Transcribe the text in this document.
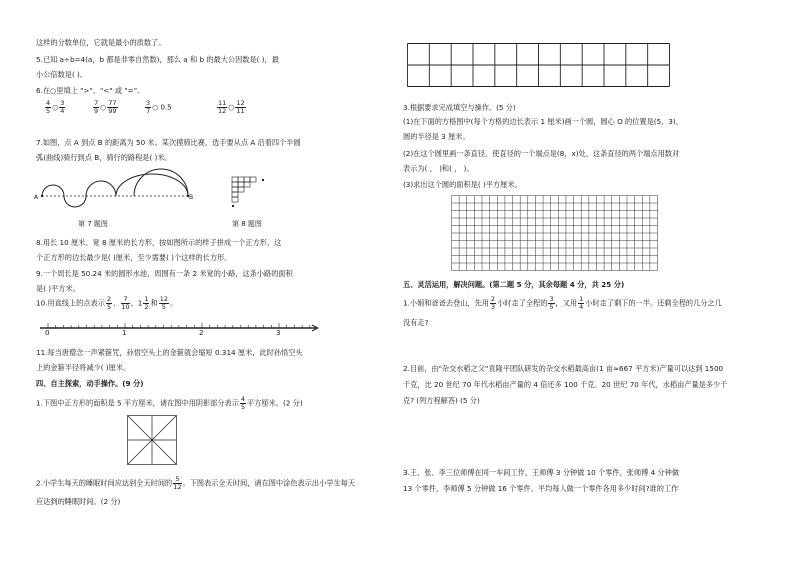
这样的分数单位，它就是最小的质数了。
5.已知 a÷b=4(a，b 都是非零自然数)，那么 a 和 b 的最大公因数是( )，最
小公倍数是( )。
6.在○里填上 ">"、"<" 或 "="。
$\frac{4}{5}$ ○ $\frac{3}{4}$	$\frac{7}{9}$ ○ $\frac{77}{99}$	$\frac{3}{7}$ ○ 0.5	$\frac{11}{12}$ ○ $\frac{12}{11}$
7.如图，点 A 到点 B 的距离为 50 米。某次摸骑比赛，选手要从点 A 沿着四个半圆
弧(曲线)骑行到点 B，骑行的路程是( )米。
A	B
第 7 题图	第 8 题图
8.用长 10 厘米、宽 8 厘米的长方形，按如图所示的样子拼成一个正方形，这
个正方形的边长最少是( )厘米，至少需要( )个这样的长方形。
9.一个周长是 50.24 米的圆形水池，周围有一条 2 米宽的小路，这条小路的面积
是( )平方米。
10.用直线上的点表示 $\frac{2}{5}$ 、 $\frac{7}{10}$ 、$1 \frac{1}{2}$ 和 $\frac{12}{5}$ 。
0	1	2	3
11.每当唐僧念一声紧箍咒，孙悟空头上的金箍就会缩短 0.314 厘米，此时孙悟空头
上的金箍半径将减少( )厘米。
四、自主探索，动手操作。(9 分)
1.下图中正方形的面积是 5 平方厘米，请在图中用阴影部分表示 $\frac{4}{5}$ 平方厘米。(2 分)
2.小学生每天的睡眠时间应达到全天时间的 $\frac{5}{12}$ 。下图表示全天时间，请在图中涂色表示出小学生每天
应达到的睡眠时间。(2 分)
3.根据要求完成填空与操作。(5 分)
(1)在下面的方格图中(每个方格的边长表示 1 厘米)画一个圆，圆心 O 的位置是(5，3)，
圆的半径是 3 厘米。
(2)在这个圆里画一条直径，使直径的一个端点是(8，x)处，这条直径的两个端点用数对
表示为( ， )和( ， )。
(3)求出这个圆的面积是( )平方厘米。
五、灵活运用，解决问题。(第二题 5 分，其余每题 4 分，共 25 分)
1.小娟和爸爸去登山，先用 $\frac{2}{3}$ 小时走了全程的 $\frac{3}{5}$ ，又用 $\frac{1}{4}$ 小时走了剩下的一半。还剩全程的几分之几
没有走?
2.目前，由"杂交水稻之父"袁隆平团队研发的杂交水稻最高亩(1 亩≈667 平方米)产量可以达到 1500
千克，比 20 世纪 70 年代水稻亩产量的 4 倍还多 100 千克。20 世纪 70 年代，水稻亩产量是多少千
克? (列方程解答) (5 分)
3.王、张、李三位师傅在同一车间工作，王师傅 3 分钟做 10 个零件，张师傅 4 分钟做
13 个零件，李师傅 5 分钟做 16 个零件。平均每人做一个零件各用多少时间?谁的工作
